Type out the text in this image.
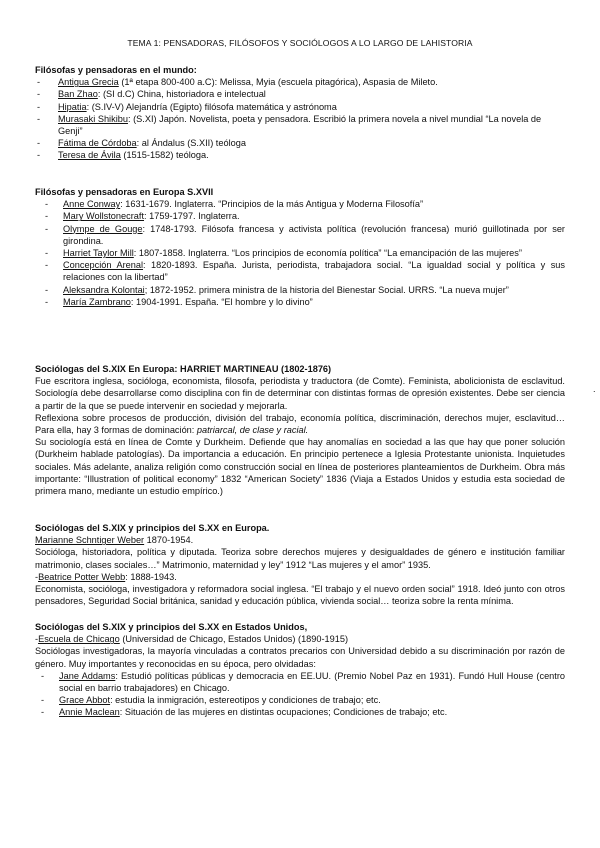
TEMA 1: PENSADORAS, FILÓSOFOS Y SOCIÓLOGOS A LO LARGO DE LAHISTORIA

Filósofas y pensadoras en el mundo:

- Antigua Grecia (1ª etapa 800-400 a.C): Melissa, Myia (escuela pitagórica), Aspasia de Mileto.
- Ban Zhao: (SI d.C) China, historiadora e intelectual
- Hipatia: (S.IV-V) Alejandría (Egipto) filósofa matemática y astrónoma
- Murasaki Shikibu: (S.XI) Japón. Novelista, poeta y pensadora. Escribió la primera novela a nivel mundial “La novela de Genji”
- Fátima de Córdoba: al Ándalus (S.XII) teóloga
- Teresa de Ávila (1515-1582) teóloga.

Filósofas y pensadoras en Europa S.XVII

- Anne Conway: 1631-1679. Inglaterra. “Principios de la más Antigua y Moderna Filosofía”
- Mary Wollstonecraft: 1759-1797. Inglaterra.
- Olympe de Gouge: 1748-1793. Filósofa francesa y activista política (revolución francesa) murió guillotinada por ser girondina.
- Harriet Taylor Mill: 1807-1858. Inglaterra. “Los principios de economía política” “La emancipación de las mujeres”
- Concepción Arenal: 1820-1893. España. Jurista, periodista, trabajadora social. “La igualdad social y política y sus relaciones con la libertad”
- Aleksandra Kolontai; 1872-1952. primera ministra de la historia del Bienestar Social. URRS. “La nueva mujer”
- María Zambrano: 1904-1991. España. “El hombre y lo divino”

Sociólogas del S.XIX En Europa: HARRIET MARTINEAU (1802-1876)

Fue escritora inglesa, socióloga, economista, filosofa, periodista y traductora (de Comte). Feminista, abolicionista de esclavitud. Sociología debe desarrollarse como disciplina con fin de determinar con distintas formas de opresión existentes. Debe ser ciencia a partir de la que se puede intervenir en sociedad y mejorarla.

Reflexiona sobre procesos de producción, división del trabajo, economía política, discriminación, derechos mujer, esclavitud… Para ella, hay 3 formas de dominación: patriarcal, de clase y racial.

Su sociología está en línea de Comte y Durkheim. Defiende que hay anomalías en sociedad a las que hay que poner solución (Durkheim hablade patologías). Da importancia a educación. En principio pertenece a Iglesia Protestante unionista. Inquietudes sociales. Más adelante, analiza religión como construcción social en línea de posteriores planteamientos de Durkheim. Obra más importante: “Illustration of political economy” 1832 “American Society” 1836 (Viaja a Estados Unidos y estudia esta sociedad de primera mano, mediante un estudio empírico.)

Sociólogas del S.XIX y principios del S.XX en Europa.

Marianne Schntiger Weber 1870-1954.

Socióloga, historiadora, política y diputada. Teoriza sobre derechos mujeres y desigualdades de género e institución familiar matrimonio, clases sociales…” Matrimonio, maternidad y ley” 1912 “Las mujeres y el amor” 1935.
-Beatrice Potter Webb: 1888-1943.

Economista, socióloga, investigadora y reformadora social inglesa. “El trabajo y el nuevo orden social” 1918. Ideó junto con otros pensadores, Seguridad Social británica, sanidad y educación pública, vivienda social… teoriza sobre la renta mínima.

Sociólogas del S.XIX y principios del S.XX en Estados Unidos,

-Escuela de Chicago (Universidad de Chicago, Estados Unidos) (1890-1915)

Sociólogas investigadoras, la mayoría vinculadas a contratos precarios con Universidad debido a su discriminación por razón de género. Muy importantes y reconocidas en su época, pero olvidadas:

- Jane Addams: Estudió políticas públicas y democracia en EE.UU. (Premio Nobel Paz en 1931). Fundó Hull House (centro social en barrio trabajadores) en Chicago.
- Grace Abbot: estudia la inmigración, estereotipos y condiciones de trabajo; etc.
- Annie Maclean: Situación de las mujeres en distintas ocupaciones; Condiciones de trabajo; etc.
.
